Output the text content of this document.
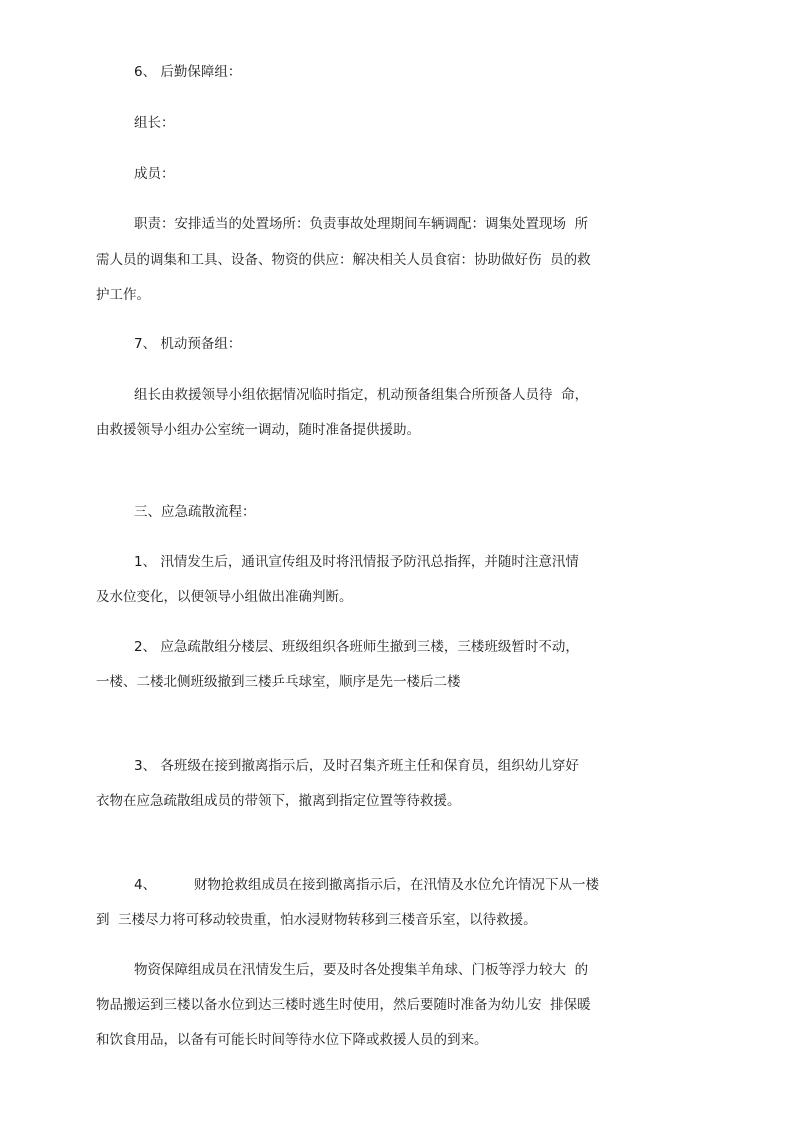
6、 后勤保障组：
组长：
成员：
职责：安排适当的处置场所：负责事故处理期间车辆调配：调集处置现场  所
需人员的调集和工具、设备、物资的供应：解决相关人员食宿：协助做好伤  员的救
护工作。
7、 机动预备组：
组长由救援领导小组依据情况临时指定，机动预备组集合所预备人员待  命，
由救援领导小组办公室统一调动，随时准备提供援助。
三、应急疏散流程：
1、 汛情发生后，通讯宣传组及时将汛情报予防汛总指挥，并随时注意汛情
及水位变化，以便领导小组做出准确判断。
2、 应急疏散组分楼层、班级组织各班师生撤到三楼，三楼班级暂时不动，
一楼、二楼北侧班级撤到三楼乒乓球室，顺序是先一楼后二楼
3、 各班级在接到撤离指示后，及时召集齐班主任和保育员，组织幼儿穿好
衣物在应急疏散组成员的带领下，撤离到指定位置等待救援。
4、	财物抢救组成员在接到撤离指示后，在汛情及水位允许情况下从一楼
到  三楼尽力将可移动较贵重，怕水浸财物转移到三楼音乐室，以待救援。
物资保障组成员在汛情发生后，要及时各处搜集羊角球、门板等浮力较大  的
物品搬运到三楼以备水位到达三楼时逃生时使用，然后要随时准备为幼儿安  排保暖
和饮食用品，以备有可能长时间等待水位下降或救援人员的到来。
